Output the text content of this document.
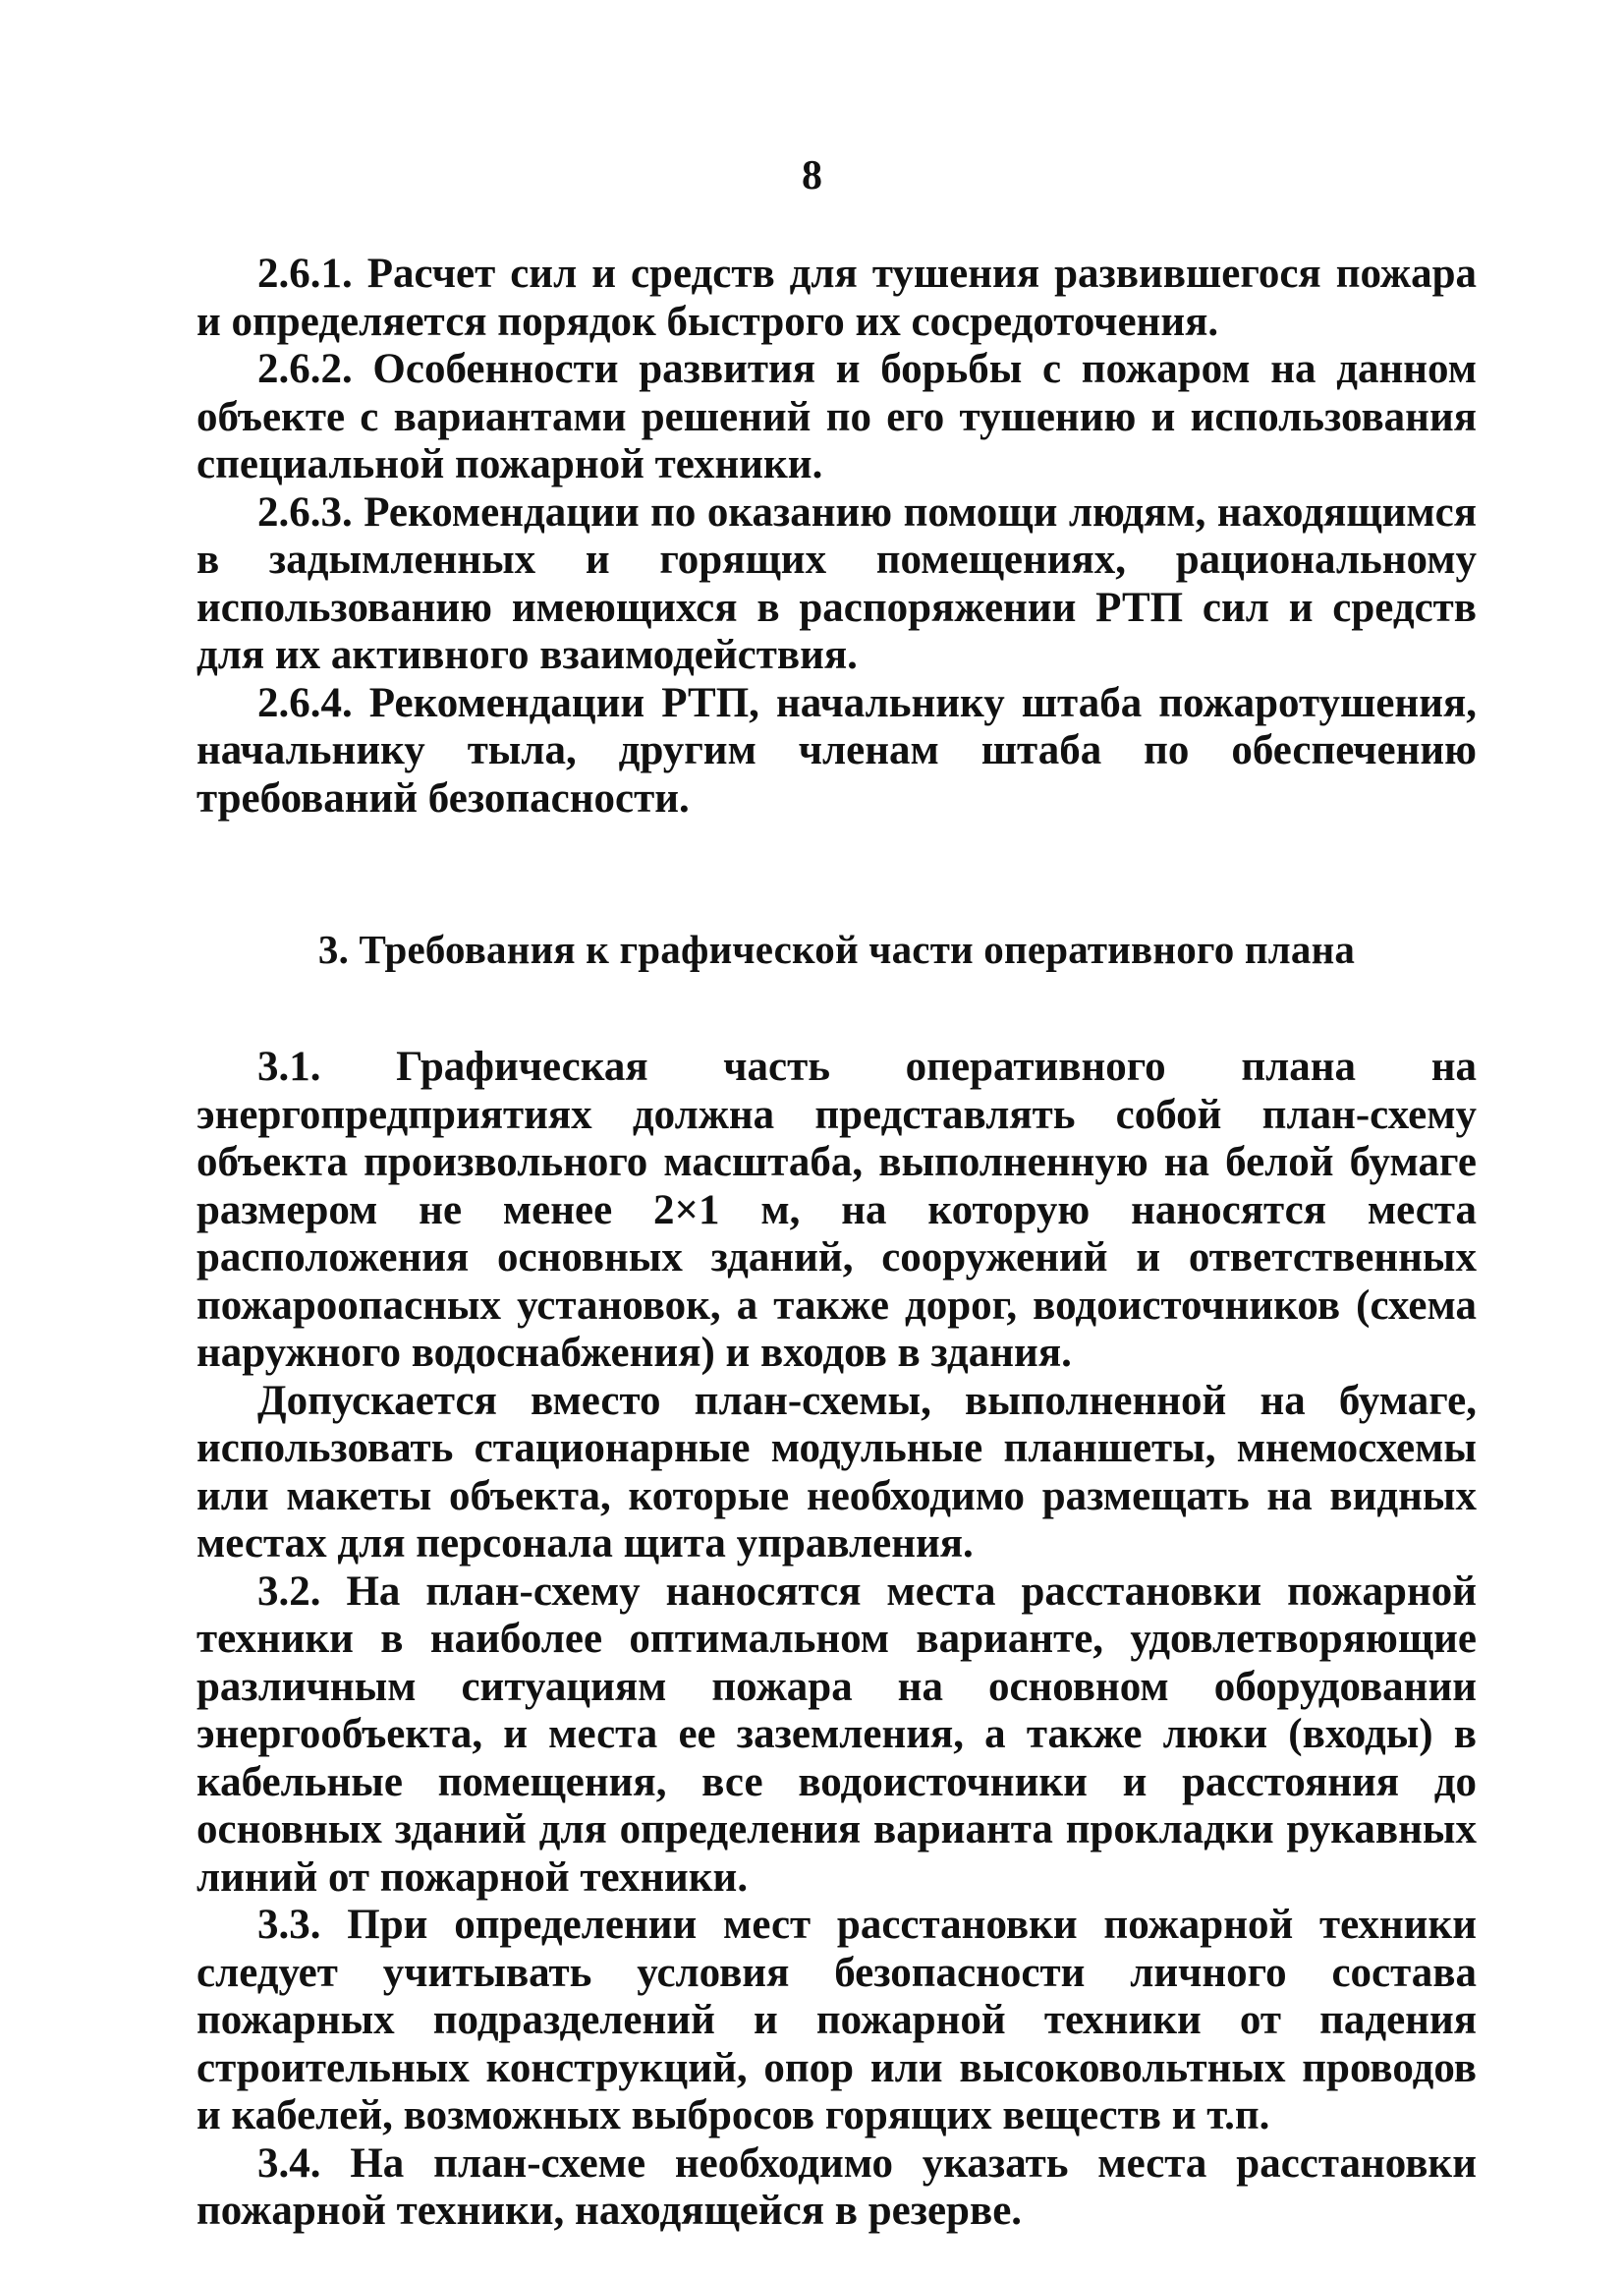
8

2.6.1. Расчет сил и средств для тушения развившегося пожара и определяется порядок быстрого их сосредоточения.

2.6.2. Особенности развития и борьбы с пожаром на данном объекте с вариантами решений по его тушению и использования специальной пожарной техники.

2.6.3. Рекомендации по оказанию помощи людям, находящимся в задымленных и горящих помещениях, рациональному использованию имеющихся в распоряжении РТП сил и средств для их активного взаимодействия.

2.6.4. Рекомендации РТП, начальнику штаба пожаротушения, начальнику тыла, другим членам штаба по обеспечению требований безопасности.

3. Требования к графической части оперативного плана

3.1. Графическая часть оперативного плана на энергопредприятиях должна представлять собой план-схему объекта произвольного масштаба, выполненную на белой бумаге размером не менее 2×1 м, на которую наносятся места расположения основных зданий, сооружений и ответственных пожароопасных установок, а также дорог, водоисточников (схема наружного водоснабжения) и входов в здания.

Допускается вместо план-схемы, выполненной на бумаге, использовать стационарные модульные планшеты, мнемосхемы или макеты объекта, которые необходимо размещать на видных местах для персонала щита управления.

3.2. На план-схему наносятся места расстановки пожарной техники в наиболее оптимальном варианте, удовлетворяющие различным ситуациям пожара на основном оборудовании энергообъекта, и места ее заземления, а также люки (входы) в кабельные помещения, все водоисточники и расстояния до основных зданий для определения варианта прокладки рукавных линий от пожарной техники.

3.3. При определении мест расстановки пожарной техники следует учитывать условия безопасности личного состава пожарных подразделений и пожарной техники от падения строительных конструкций, опор или высоковольтных проводов и кабелей, возможных выбросов горящих веществ и т.п.

3.4. На план-схеме необходимо указать места расстановки пожарной техники, находящейся в резерве.
